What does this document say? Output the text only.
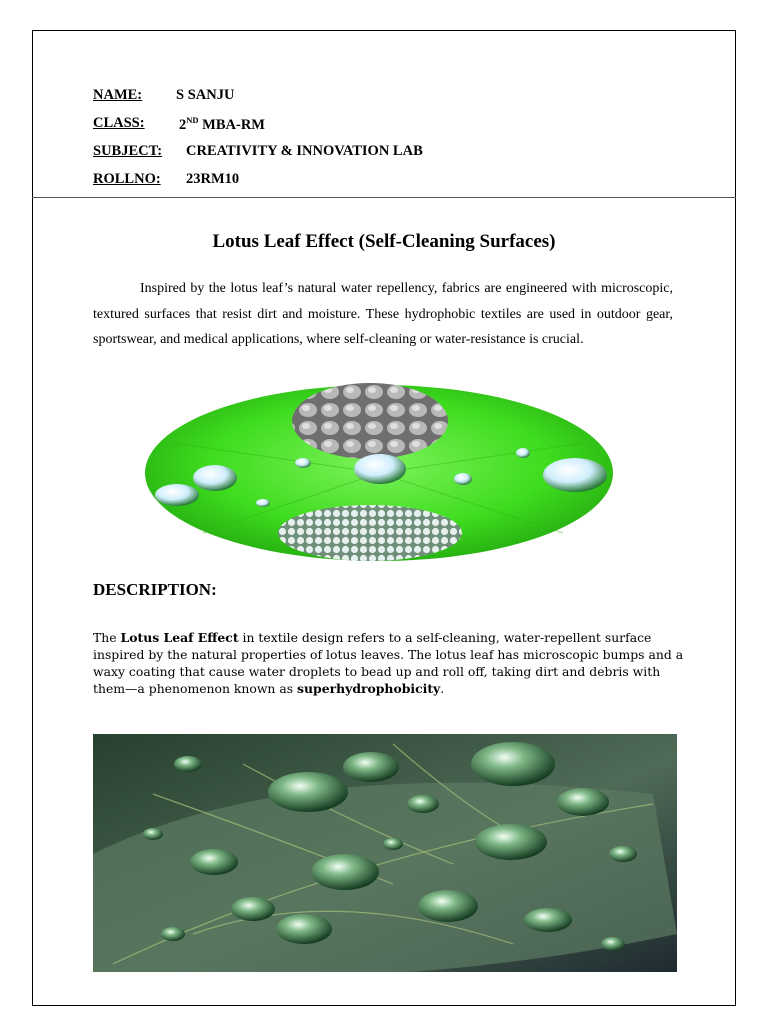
NAME: S SANJU
CLASS: 2ND MBA-RM
SUBJECT: CREATIVITY & INNOVATION LAB
ROLLNO: 23RM10
Lotus Leaf Effect (Self-Cleaning Surfaces)

Inspired by the lotus leaf’s natural water repellency, fabrics are engineered with microscopic, textured surfaces that resist dirt and moisture. These hydrophobic textiles are used in outdoor gear, sportswear, and medical applications, where self-cleaning or water-resistance is crucial.

DESCRIPTION:

The Lotus Leaf Effect in textile design refers to a self-cleaning, water-repellent surface inspired by the natural properties of lotus leaves. The lotus leaf has microscopic bumps and a waxy coating that cause water droplets to bead up and roll off, taking dirt and debris with them—a phenomenon known as superhydrophobicity.
